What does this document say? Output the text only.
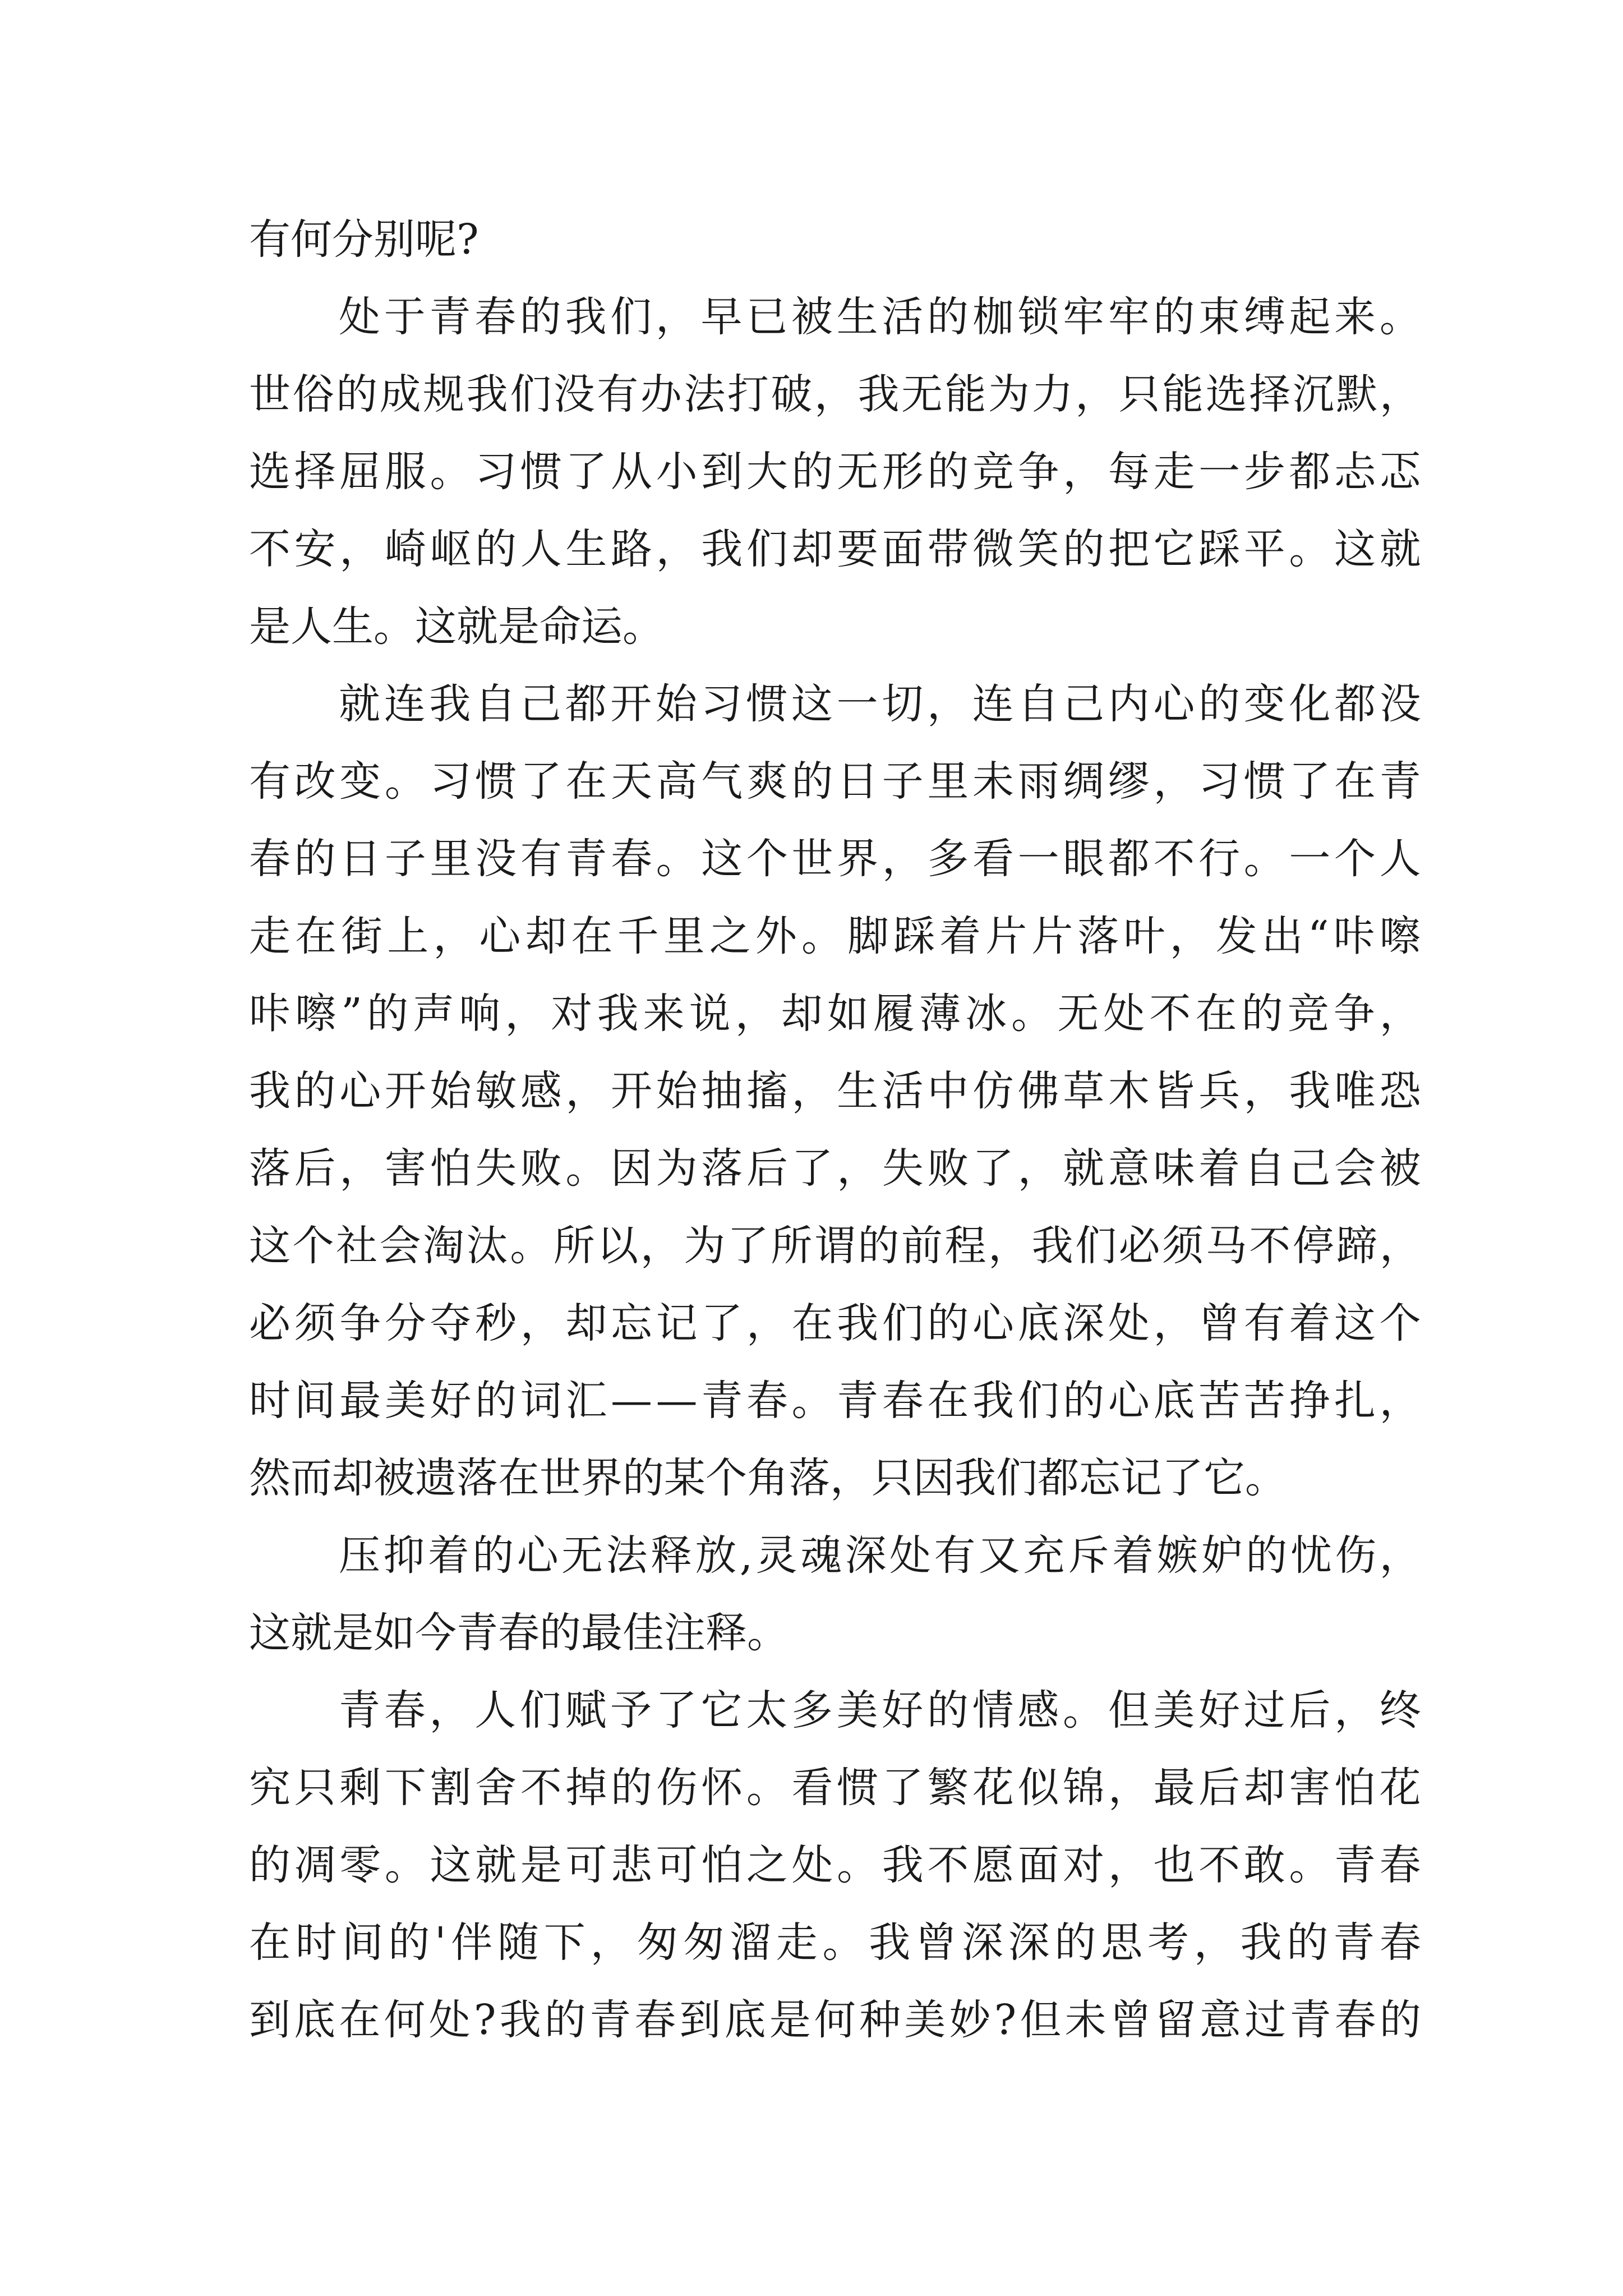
有何分别呢?
处 于 青 春 的 我 们 ， 早 已 被 生 活 的 枷 锁 牢 牢 的 束 缚 起 来 。
世 俗 的 成 规 我 们 没 有 办 法 打 破 ， 我 无 能 为 力 ， 只 能 选 择 沉 默 ，
选 择 屈 服 。 习 惯 了 从 小 到 大 的 无 形 的 竞 争 ， 每 走 一 步 都 忐 忑
不 安 ， 崎 岖 的 人 生 路 ， 我 们 却 要 面 带 微 笑 的 把 它 踩 平 。 这 就
是人生。这就是命运。
就 连 我 自 己 都 开 始 习 惯 这 一 切 ， 连 自 己 内 心 的 变 化 都 没
有 改 变 。 习 惯 了 在 天 高 气 爽 的 日 子 里 未 雨 绸 缪 ， 习 惯 了 在 青
春 的 日 子 里 没 有 青 春 。 这 个 世 界 ， 多 看 一 眼 都 不 行 。 一 个 人
走 在 街 上 ， 心 却 在 千 里 之 外 。 脚 踩 着 片 片 落 叶 ， 发 出 “ 咔 嚓
咔 嚓 ” 的 声 响 ， 对 我 来 说 ， 却 如 履 薄 冰 。 无 处 不 在 的 竞 争 ，
我 的 心 开 始 敏 感 ， 开 始 抽 搐 ， 生 活 中 仿 佛 草 木 皆 兵 ， 我 唯 恐
落 后 ， 害 怕 失 败 。 因 为 落 后 了 ， 失 败 了 ， 就 意 味 着 自 己 会 被
这 个 社 会 淘 汰 。 所 以 ， 为 了 所 谓 的 前 程 ， 我 们 必 须 马 不 停 蹄 ，
必 须 争 分 夺 秒 ， 却 忘 记 了 ， 在 我 们 的 心 底 深 处 ， 曾 有 着 这 个
时 间 最 美 好 的 词 汇 — — 青 春 。 青 春 在 我 们 的 心 底 苦 苦 挣 扎 ，
然而却被遗落在世界的某个角落，只因我们都忘记了它。
压 抑 着 的 心 无 法 释 放 , 灵 魂 深 处 有 又 充 斥 着 嫉 妒 的 忧 伤 ，
这就是如今青春的最佳注释。
青 春 ， 人 们 赋 予 了 它 太 多 美 好 的 情 感 。 但 美 好 过 后 ， 终
究 只 剩 下 割 舍 不 掉 的 伤 怀 。 看 惯 了 繁 花 似 锦 ， 最 后 却 害 怕 花
的 凋 零 。 这 就 是 可 悲 可 怕 之 处 。 我 不 愿 面 对 ， 也 不 敢 。 青 春
在 时 间 的 ' 伴 随 下 ， 匆 匆 溜 走 。 我 曾 深 深 的 思 考 ， 我 的 青 春
到 底 在 何 处 ? 我 的 青 春 到 底 是 何 种 美 妙 ? 但 未 曾 留 意 过 青 春 的
